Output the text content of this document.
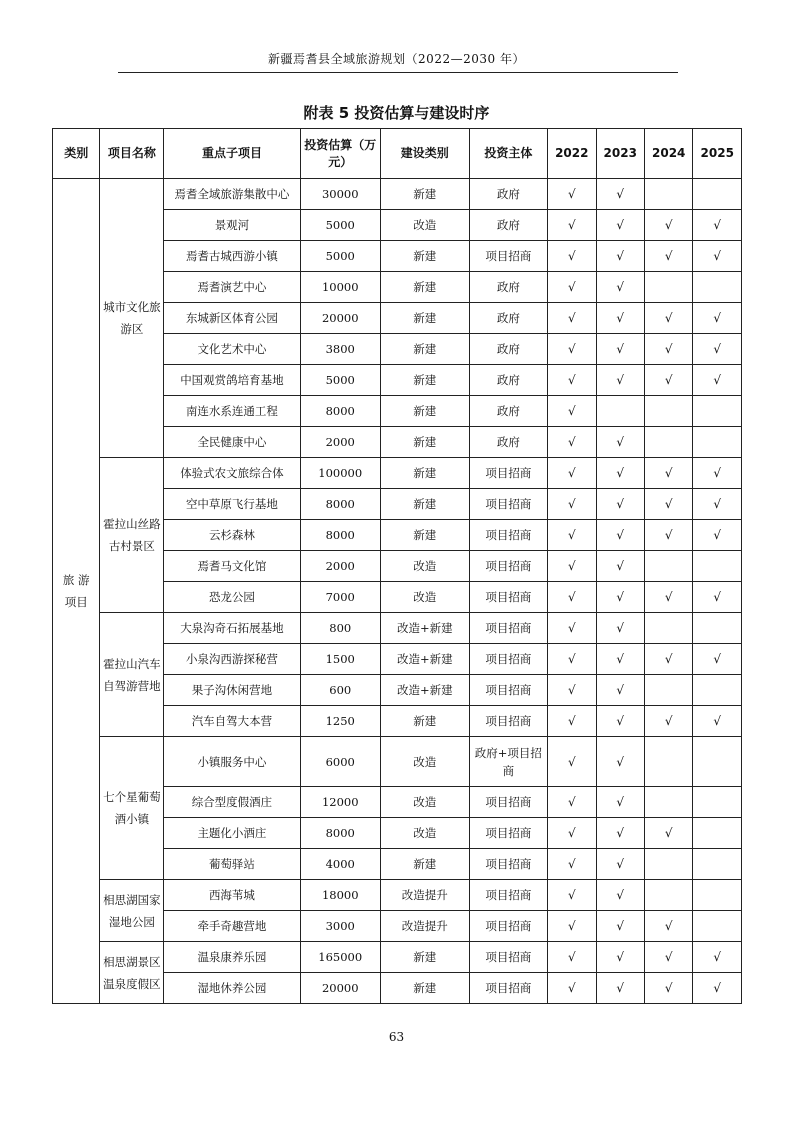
新疆焉耆县全域旅游规划（2022—2030 年）
附表 5 投资估算与建设时序
类别	项目名称	重点子项目	投资估算（万元）	建设类别	投资主体	2022	2023	2024	2025
旅 游 项目	城市文化旅游区	焉耆全域旅游集散中心	30000	新建	政府	√	√		
		景观河	5000	改造	政府	√	√	√	√
		焉耆古城西游小镇	5000	新建	项目招商	√	√	√	√
		焉耆演艺中心	10000	新建	政府	√	√		
		东城新区体育公园	20000	新建	政府	√	√	√	√
		文化艺术中心	3800	新建	政府	√	√	√	√
		中国观赏鸽培育基地	5000	新建	政府	√	√	√	√
		南连水系连通工程	8000	新建	政府	√			
		全民健康中心	2000	新建	政府	√	√		
	霍拉山丝路古村景区	体验式农文旅综合体	100000	新建	项目招商	√	√	√	√
		空中草原飞行基地	8000	新建	项目招商	√	√	√	√
		云杉森林	8000	新建	项目招商	√	√	√	√
		焉耆马文化馆	2000	改造	项目招商	√	√		
		恐龙公园	7000	改造	项目招商	√	√	√	√
	霍拉山汽车自驾游营地	大泉沟奇石拓展基地	800	改造+新建	项目招商	√	√		
		小泉沟西游探秘营	1500	改造+新建	项目招商	√	√	√	√
		果子沟休闲营地	600	改造+新建	项目招商	√	√		
		汽车自驾大本营	1250	新建	项目招商	√	√	√	√
	七个星葡萄酒小镇	小镇服务中心	6000	改造	政府+项目招商	√	√		
		综合型度假酒庄	12000	改造	项目招商	√	√		
		主题化小酒庄	8000	改造	项目招商	√	√	√	
		葡萄驿站	4000	新建	项目招商	√	√		
	相思湖国家湿地公园	西海苇城	18000	改造提升	项目招商	√	√		
		牵手奇趣营地	3000	改造提升	项目招商	√	√	√	
	相思湖景区温泉度假区	温泉康养乐园	165000	新建	项目招商	√	√	√	√
		湿地休养公园	20000	新建	项目招商	√	√	√	√
63
